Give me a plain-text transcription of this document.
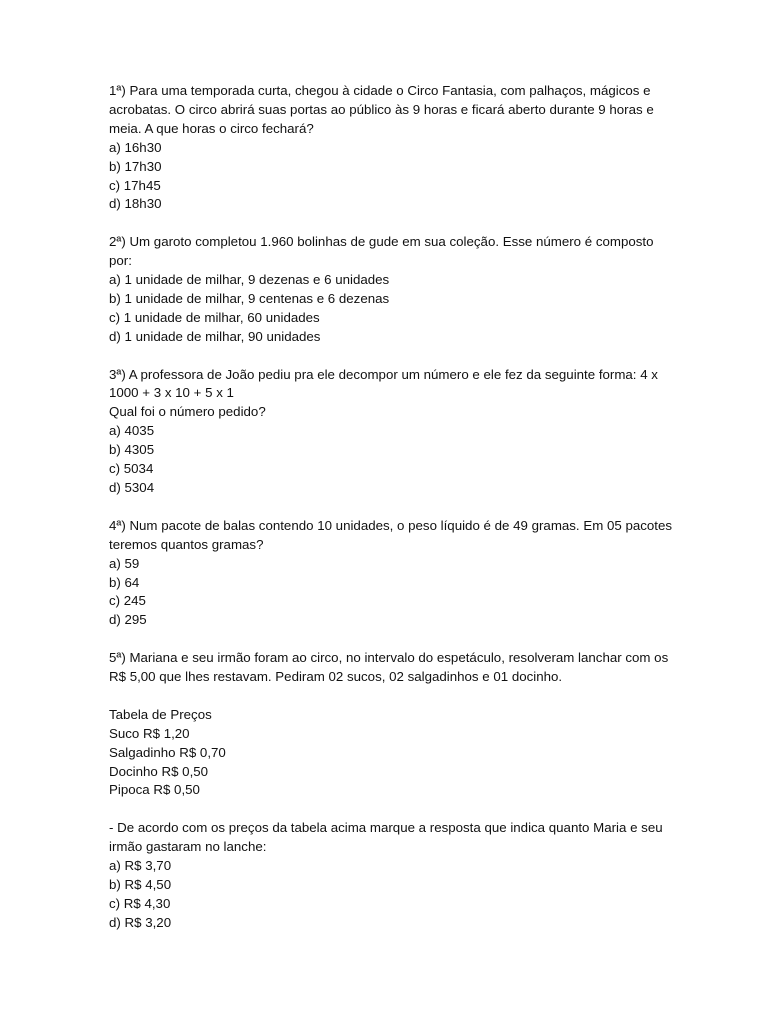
1ª) Para uma temporada curta, chegou à cidade o Circo Fantasia, com palhaços, mágicos e
acrobatas. O circo abrirá suas portas ao público às 9 horas e ficará aberto durante 9 horas e
meia. A que horas o circo fechará?
a) 16h30
b) 17h30
c) 17h45
d) 18h30
2ª) Um garoto completou 1.960 bolinhas de gude em sua coleção. Esse número é composto
por:
a) 1 unidade de milhar, 9 dezenas e 6 unidades
b) 1 unidade de milhar, 9 centenas e 6 dezenas
c) 1 unidade de milhar, 60 unidades
d) 1 unidade de milhar, 90 unidades
3ª) A professora de João pediu pra ele decompor um número e ele fez da seguinte forma: 4 x
1000 + 3 x 10 + 5 x 1
Qual foi o número pedido?
a) 4035
b) 4305
c) 5034
d) 5304
4ª) Num pacote de balas contendo 10 unidades, o peso líquido é de 49 gramas. Em 05 pacotes
teremos quantos gramas?
a) 59
b) 64
c) 245
d) 295
5ª) Mariana e seu irmão foram ao circo, no intervalo do espetáculo, resolveram lanchar com os
R$ 5,00 que lhes restavam. Pediram 02 sucos, 02 salgadinhos e 01 docinho.
Tabela de Preços
Suco R$ 1,20
Salgadinho R$ 0,70
Docinho R$ 0,50
Pipoca R$ 0,50
- De acordo com os preços da tabela acima marque a resposta que indica quanto Maria e seu
irmão gastaram no lanche:
a) R$ 3,70
b) R$ 4,50
c) R$ 4,30
d) R$ 3,20
